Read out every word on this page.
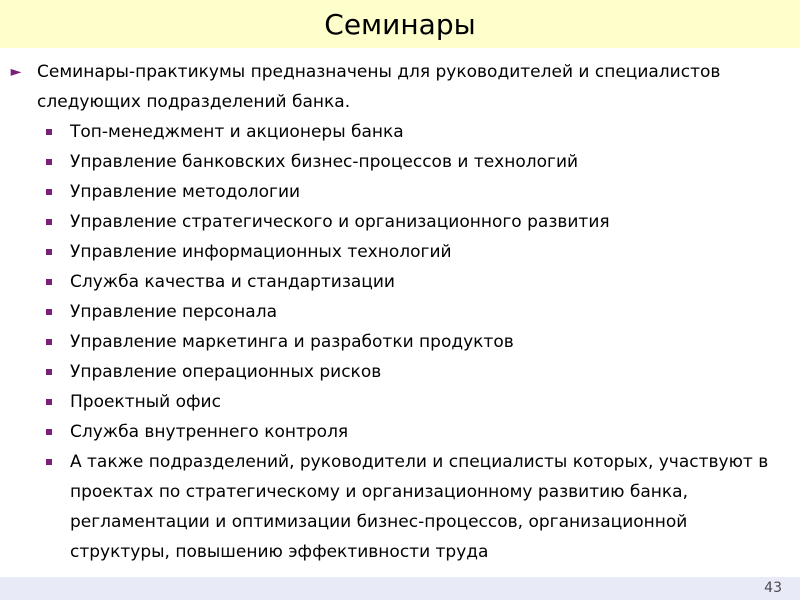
Семинары
► Семинары-практикумы предназначены для руководителей и специалистов следующих подразделений банка.
Топ-менеджмент и акционеры банка
Управление банковских бизнес-процессов и технологий
Управление методологии
Управление стратегического и организационного развития
Управление информационных технологий
Служба качества и стандартизации
Управление персонала
Управление маркетинга и разработки продуктов
Управление операционных рисков
Проектный офис
Служба внутреннего контроля
А также подразделений, руководители и специалисты которых, участвуют в проектах по стратегическому и организационному развитию банка, регламентации и оптимизации бизнес-процессов, организационной структуры, повышению эффективности труда
43
